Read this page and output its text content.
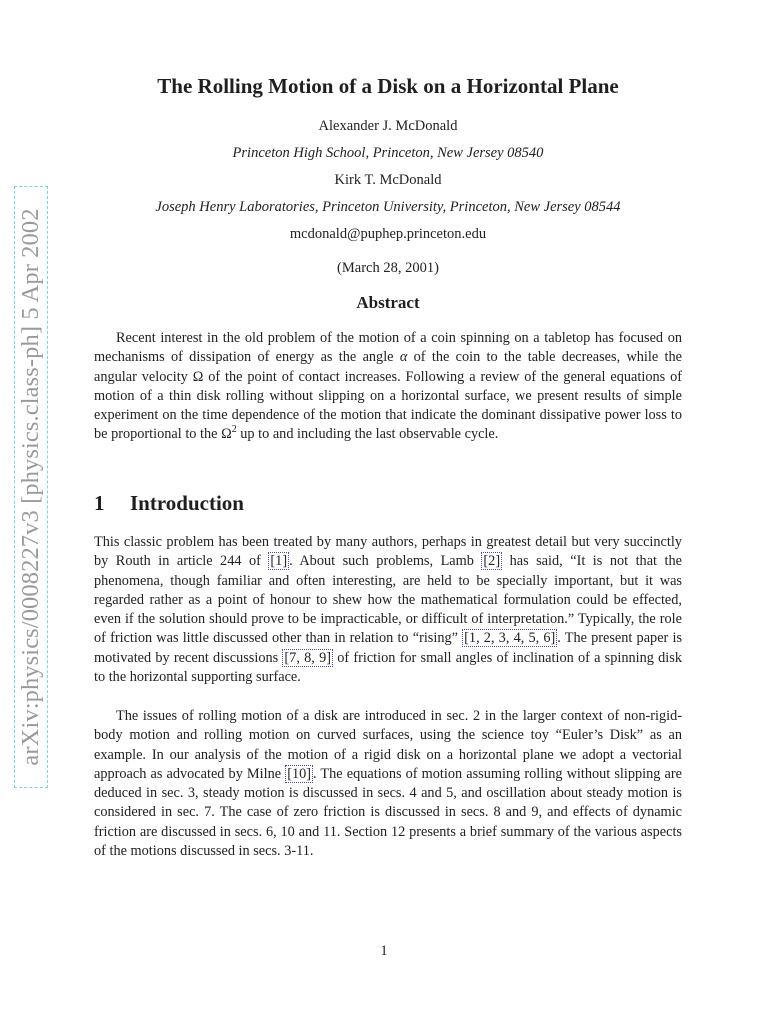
arXiv:physics/0008227v3 [physics.class-ph] 5 Apr 2002
The Rolling Motion of a Disk on a Horizontal Plane
Alexander J. McDonald
Princeton High School, Princeton, New Jersey 08540
Kirk T. McDonald
Joseph Henry Laboratories, Princeton University, Princeton, New Jersey 08544
mcdonald@puphep.princeton.edu
(March 28, 2001)
Abstract

Recent interest in the old problem of the motion of a coin spinning on a tabletop has focused on mechanisms of dissipation of energy as the angle α of the coin to the table decreases, while the angular velocity Ω of the point of contact increases. Following a review of the general equations of motion of a thin disk rolling without slipping on a horizontal surface, we present results of simple experiment on the time dependence of the motion that indicate the dominant dissipative power loss to be proportional to the $\Omega^2$ up to and including the last observable cycle.

1 Introduction

This classic problem has been treated by many authors, perhaps in greatest detail but very succinctly by Routh in article 244 of [1] . About such problems, Lamb [2] has said, “It is not that the phenomena, though familiar and often interesting, are held to be specially important, but it was regarded rather as a point of honour to shew how the mathematical formulation could be effected, even if the solution should prove to be impracticable, or difficult of interpretation.” Typically, the role of friction was little discussed other than in relation to “rising” [1, 2, 3, 4, 5, 6] . The present paper is motivated by recent discussions [7, 8, 9] of friction for small angles of inclination of a spinning disk to the horizontal supporting surface.

The issues of rolling motion of a disk are introduced in sec. 2 in the larger context of non-rigid-body motion and rolling motion on curved surfaces, using the science toy “Euler’s Disk” as an example. In our analysis of the motion of a rigid disk on a horizontal plane we adopt a vectorial approach as advocated by Milne [10] . The equations of motion assuming rolling without slipping are deduced in sec. 3, steady motion is discussed in secs. 4 and 5, and oscillation about steady motion is considered in sec. 7. The case of zero friction is discussed in secs. 8 and 9, and effects of dynamic friction are discussed in secs. 6, 10 and 11. Section 12 presents a brief summary of the various aspects of the motions discussed in secs. 3-11.

1
